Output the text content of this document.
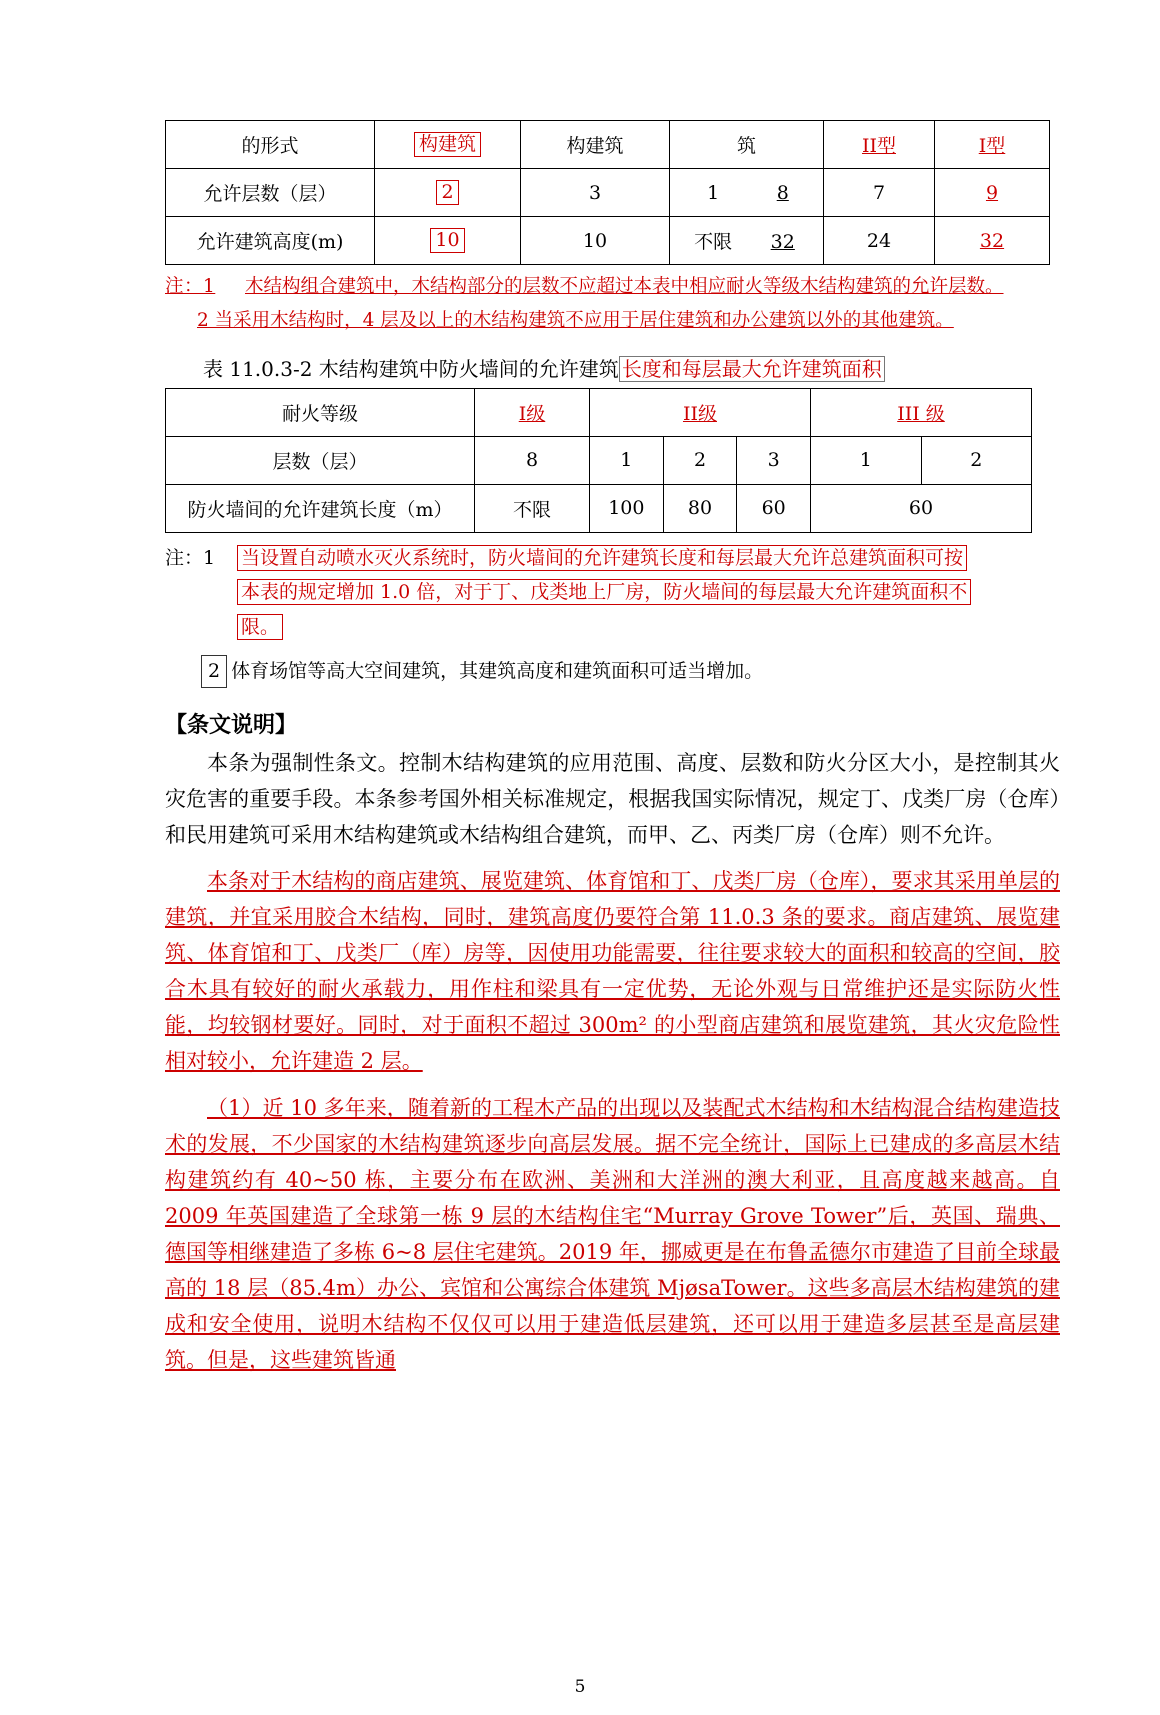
的形式	构建筑	构建筑	筑	II型	I型
允许层数（层）	2	3	1 8	7	9
允许建筑高度(m)	10	10	不限 32	24	32
注：1	木结构组合建筑中，木结构部分的层数不应超过本表中相应耐火等级木结构建筑的允许层数。
2 当采用木结构时，4 层及以上的木结构建筑不应用于居住建筑和办公建筑以外的其他建筑。
表 11.0.3-2 木结构建筑中防火墙间的允许建筑 长度和每层最大允许建筑面积
耐火等级	I级	II级			III 级	
层数（层）	8	1	2	3	1	2
防火墙间的允许建筑长度（m）	不限	100	80	60	60	
注：1	当设置自动喷水灭火系统时，防火墙间的允许建筑长度和每层最大允许总建筑面积可按
本表的规定增加 1.0 倍，对于丁、戊类地上厂房，防火墙间的每层最大允许建筑面积不
限。
2 体育场馆等高大空间建筑，其建筑高度和建筑面积可适当增加。
【条文说明】

本条为强制性条文。控制木结构建筑的应用范围、高度、层数和防火分区大小，是控制其火灾危害的重要手段。本条参考国外相关标准规定，根据我国实际情况，规定丁、戊类厂房（仓库）和民用建筑可采用木结构建筑或木结构组合建筑，而甲、乙、丙类厂房（仓库）则不允许。

本条对于木结构的商店建筑、展览建筑、体育馆和丁、戊类厂房（仓库），要求其采用单层的建筑，并宜采用胶合木结构，同时，建筑高度仍要符合第 11.0.3 条的要求。商店建筑、展览建筑、体育馆和丁、戊类厂（库）房等，因使用功能需要，往往要求较大的面积和较高的空间，胶合木具有较好的耐火承载力，用作柱和梁具有一定优势，无论外观与日常维护还是实际防火性能，均较钢材要好。同时，对于面积不超过 300m² 的小型商店建筑和展览建筑，其火灾危险性相对较小，允许建造 2 层。

（1）近 10 多年来，随着新的工程木产品的出现以及装配式木结构和木结构混合结构建造技术的发展，不少国家的木结构建筑逐步向高层发展。据不完全统计，国际上已建成的多高层木结构建筑约有 40~50 栋，主要分布在欧洲、美洲和大洋洲的澳大利亚，且高度越来越高。自 2009 年英国建造了全球第一栋 9 层的木结构住宅“Murray Grove Tower”后，英国、瑞典、德国等相继建造了多栋 6~8 层住宅建筑。2019 年，挪威更是在布鲁孟德尔市建造了目前全球最高的 18 层（85.4m）办公、宾馆和公寓综合体建筑 MjøsaTower。这些多高层木结构建筑的建成和安全使用，说明木结构不仅仅可以用于建造低层建筑，还可以用于建造多层甚至是高层建筑。但是，这些建筑皆通

5
